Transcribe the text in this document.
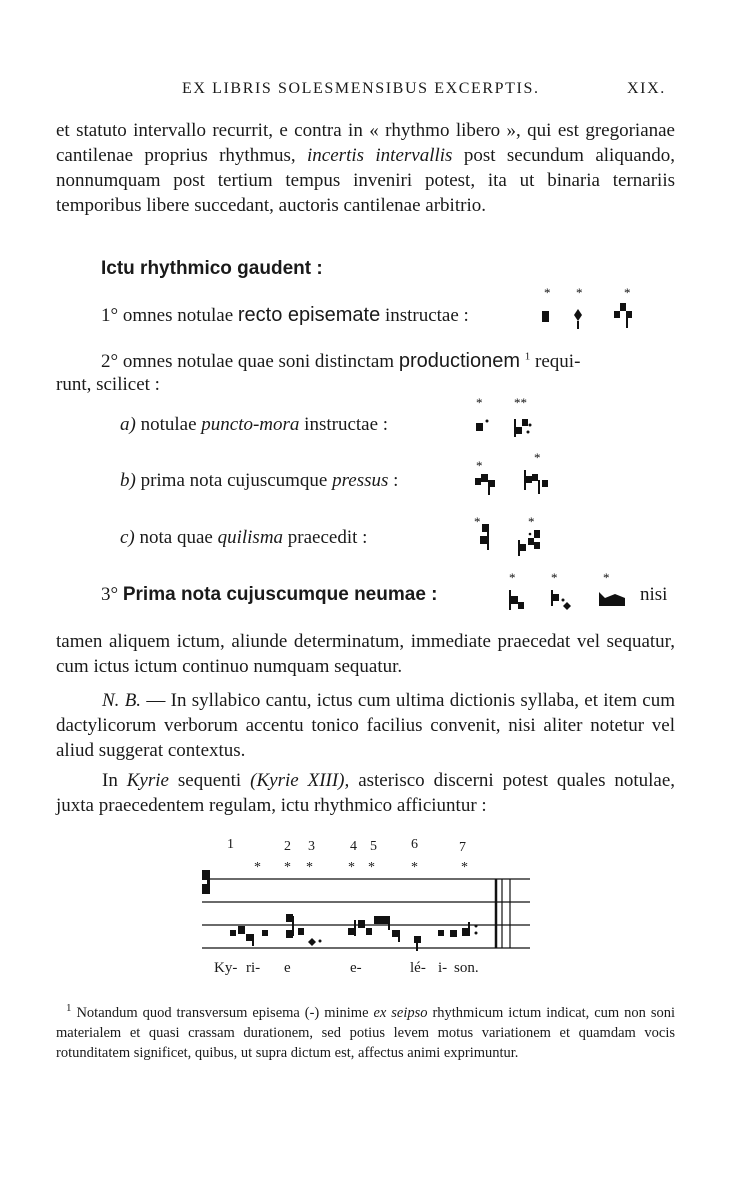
EX LIBRIS SOLESMENSIBUS EXCERPTIS.	XIX.

et statuto intervallo recurrit, e contra in « rhythmo libero », qui est gregorianae cantilenae proprius rhythmus, incertis intervallis post secundum aliquando, nonnumquam post tertium tempus inveniri potest, ita ut binaria ternariis temporibus libere succedant, auctoris cantilenae arbitrio.

Ictu rhythmico gaudent :
1° omnes notulae recto episemate instructae :
2° omnes notulae quae soni distinctam productionem $^1$ requi-
runt, scilicet :
a) notulae puncto-mora instructae :
b) prima nota cujuscumque pressus :
c) nota quae quilisma praecedit :
3° Prima nota cujuscumque neumae :	nisi
* *	*
* **
*
*
*	*
*	*	*

tamen aliquem ictum, aliunde determinatum, immediate praecedat vel sequatur, cum ictus ictum continuo numquam sequatur.

N. B. — In syllabico cantu, ictus cum ultima dictionis syllaba, et item cum dactylicorum verborum accentu tonico facilius convenit, nisi aliter notetur vel aliud suggerat contextus.

In Kyrie sequenti (Kyrie XIII), asterisco discerni potest quales notulae, juxta praecedentem regulam, ictu rhythmico afficiuntur :

1	2 3	4 5 6	7
* * *	* *	*	*
Ky- ri- e	e-	lé- i- son.

$^1$ Notandum quod transversum episema (-) minime ex seipso rhythmicum ictum indicat, cum non soni materialem et quasi crassam durationem, sed potius levem motus variationem et quamdam vocis rotunditatem significet, quibus, ut supra dictum est, affectus animi exprimuntur.
